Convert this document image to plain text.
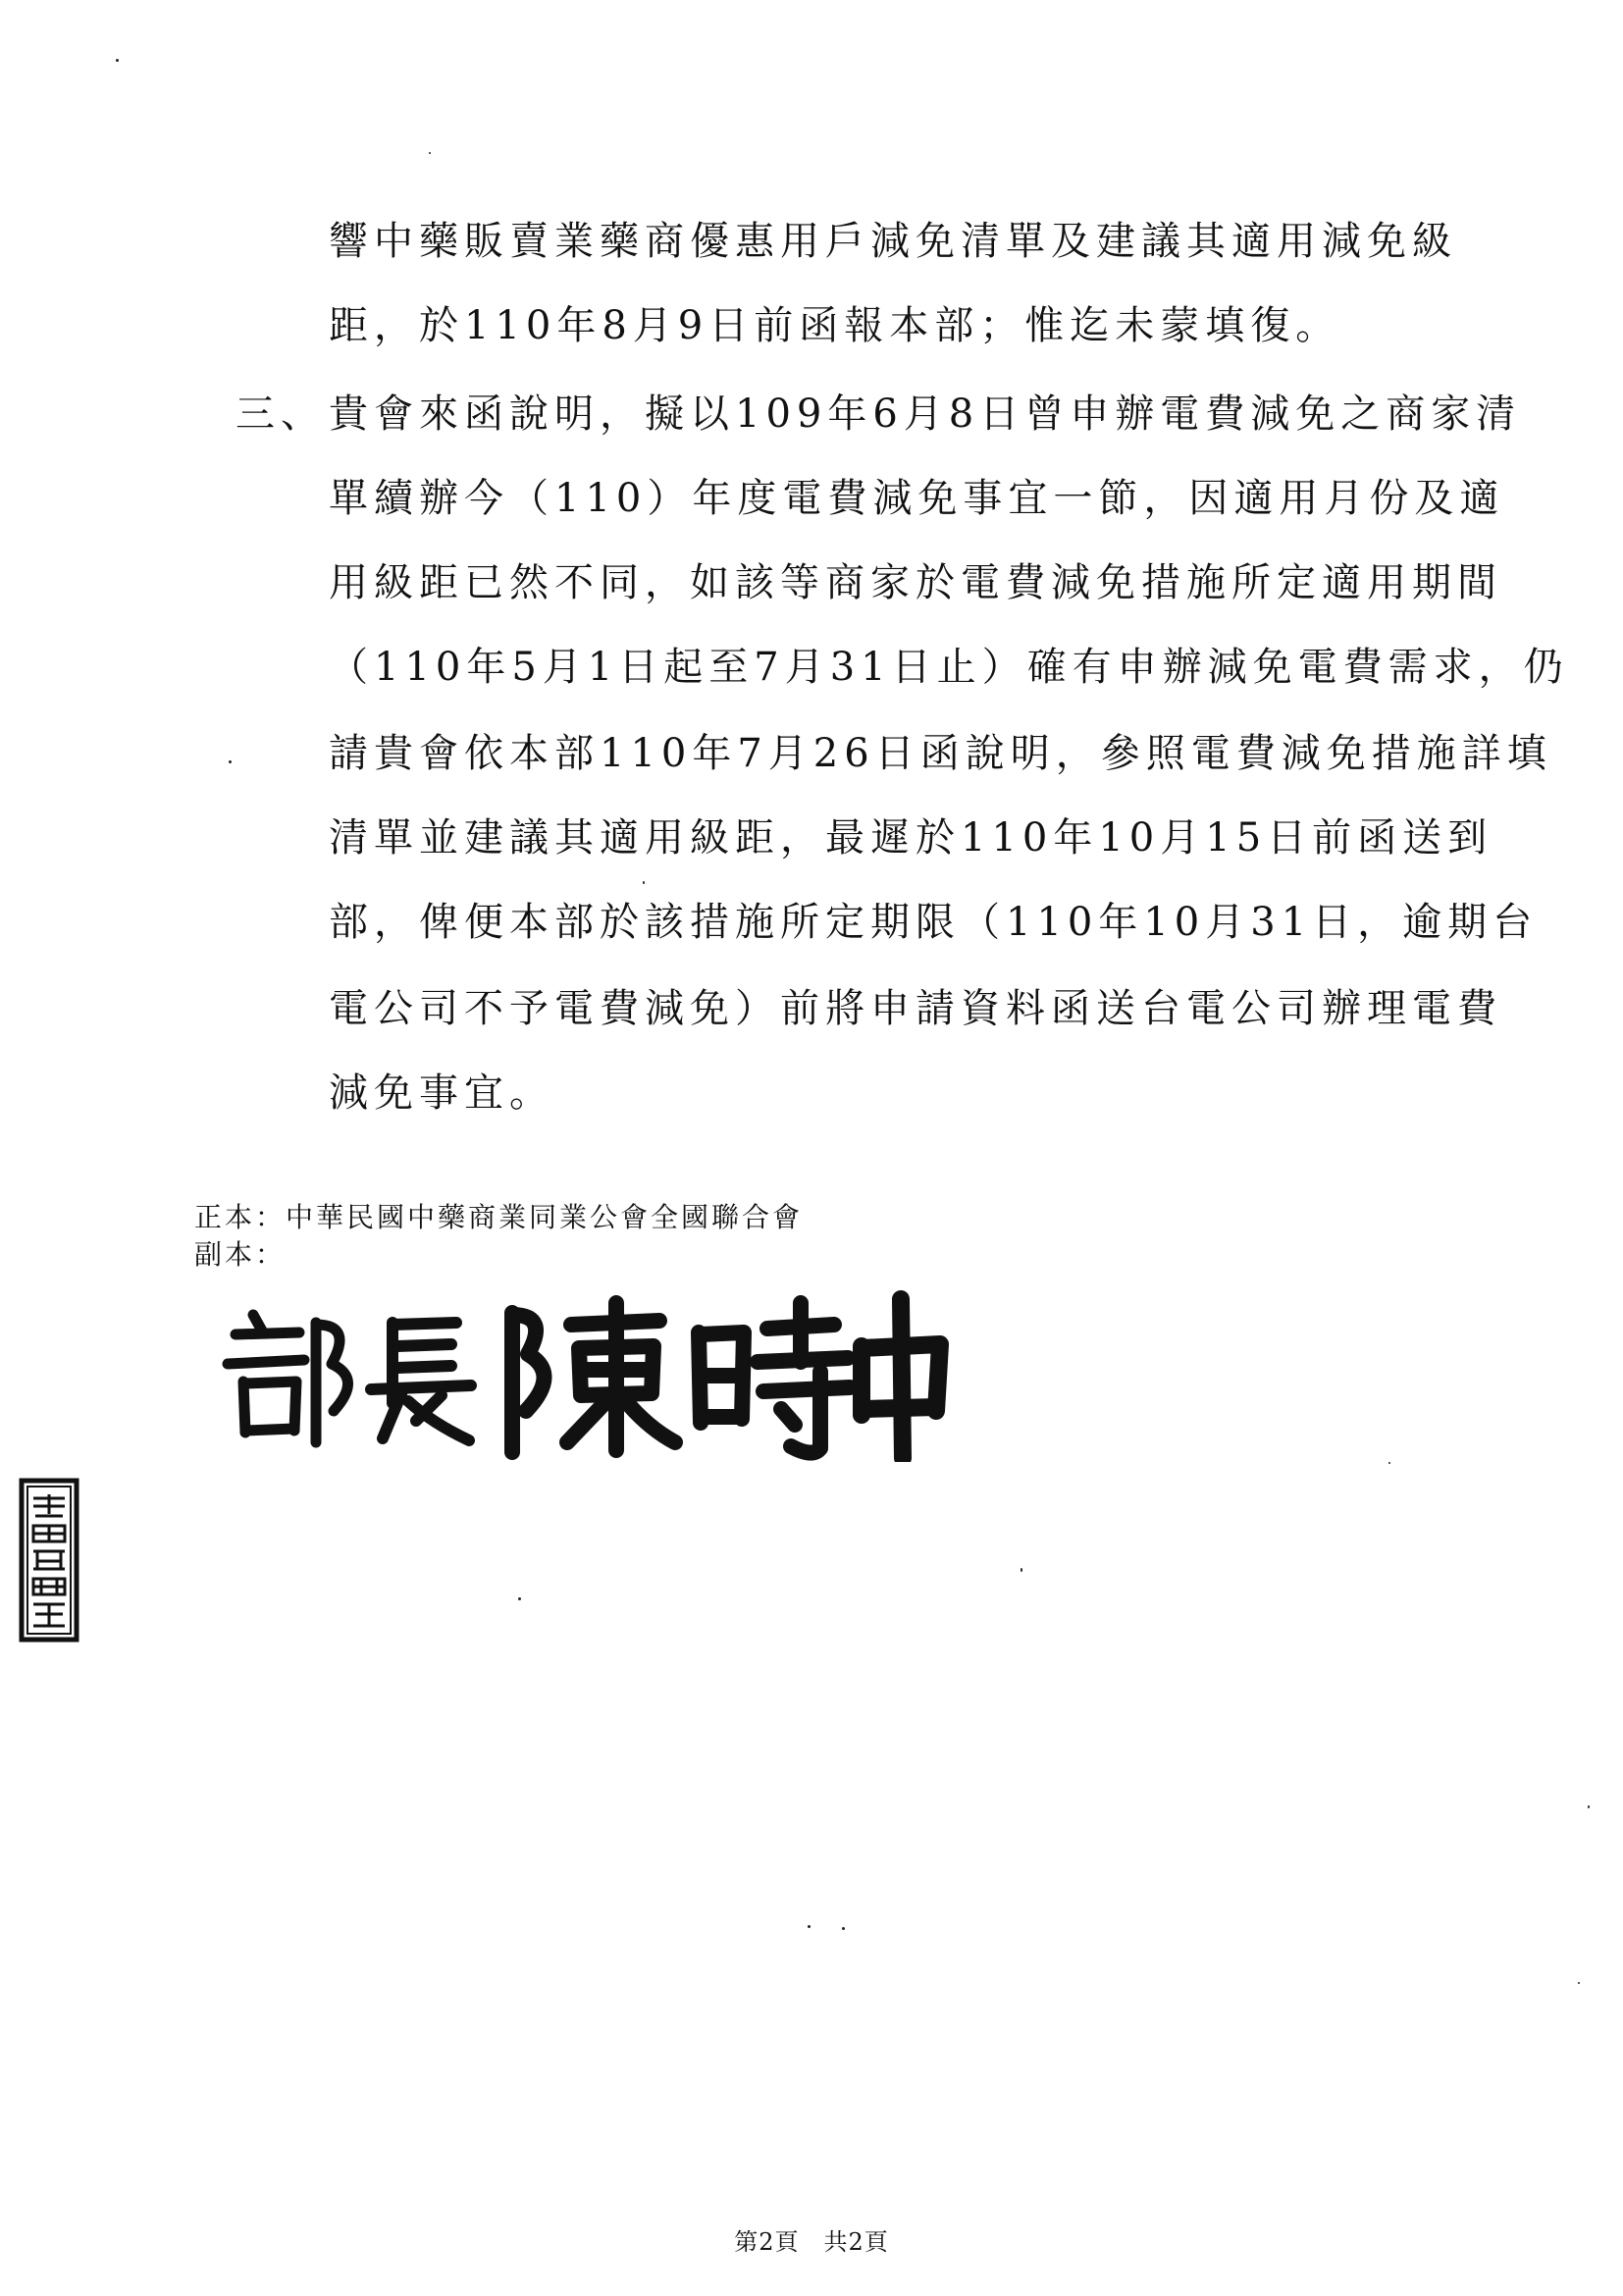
響中藥販賣業藥商優惠用戶減免清單及建議其適用減免級
距，於110年8月9日前函報本部；惟迄未蒙填復。
三、 貴會來函說明，擬以109年6月8日曾申辦電費減免之商家清
單續辦今（110）年度電費減免事宜一節，因適用月份及適
用級距已然不同，如該等商家於電費減免措施所定適用期間
（110年5月1日起至7月31日止）確有申辦減免電費需求，仍
請貴會依本部110年7月26日函說明，參照電費減免措施詳填
清單並建議其適用級距，最遲於110年10月15日前函送到
部，俾便本部於該措施所定期限（110年10月31日，逾期台
電公司不予電費減免）前將申請資料函送台電公司辦理電費
減免事宜。
正本：中華民國中藥商業同業公會全國聯合會
副本：
第2頁　共2頁
